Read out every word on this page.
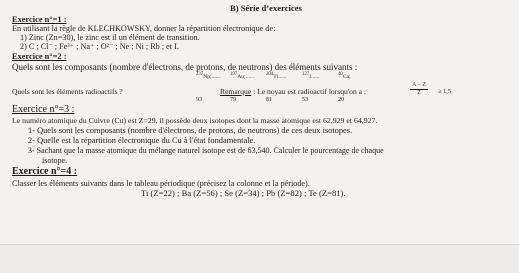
B) Série d’exercices
Exercice n°=1 :
En utilisant la règle de KLECHKOWSKY, donner la répartition électronique de:
1) Zinc (Zn=30), le zinc est il un élément de transition.
2) C ; Cl⁻ ; Fe³⁺ ; Na⁺ ; O²⁻ ; Ne ; Ni ; Rb ; et I.
Exercice n°=2 :
Quels sont les composants (nombre d'électrons, de protons, de neutrons) des éléments suivants :
$^{237}$Np;...... $^{197}$Au;......	$^{204}$Tl......	$^{127}$I......	$^{40}$Ca;
93	79	81	53	20
Quels sont les éléments radioactifs ?	Remarque : Le noyau est radioactif lorsqu'on a :	$\frac{A - Z}{Z} \ge 1,5$
Exercice n°=3 :
Le numéro atomique du Cuivre (Cu) est Z=29, il possède deux isotopes dont la masse atomique est 62,929 et 64,927.
1- Quels sont les composants (nombre d'électrons, de protons, de neutrons) de ces deux isotopes.
2- Quelle est la répartition électronique du Cu à l'état fondamentale.
3- Sachant que la masse atomique du mélange naturel isotope est de 63,540. Calculer le pourcentage de chaque
isotope.
Exercice n°=4 :
Classer les éléments suivants dans le tableau périodique (précisez la colonne et la période).
Ti (Z=22) ; Ba (Z=56) ; Se (Z=34) ; Pb (Z=82) ; Te (Z=81).
